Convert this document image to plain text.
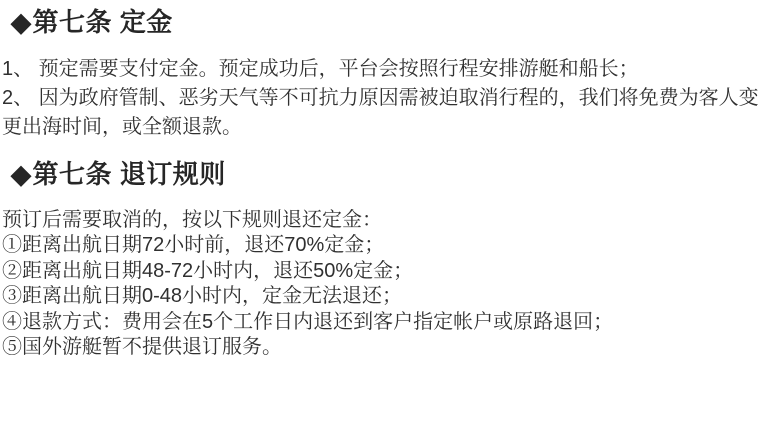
◆第七条 定金

1、 预定需要支付定金。预定成功后，平台会按照行程安排游艇和船长；

2、 因为政府管制、恶劣天气等不可抗力原因需被迫取消行程的，我们将免费为客人变更出海时间，或全额退款。

◆第七条 退订规则

预订后需要取消的，按以下规则退还定金：

①距离出航日期72小时前，退还70%定金；

②距离出航日期48-72小时内，退还50%定金；

③距离出航日期0-48小时内，定金无法退还；

④退款方式：费用会在5个工作日内退还到客户指定帐户或原路退回；

⑤国外游艇暂不提供退订服务。
